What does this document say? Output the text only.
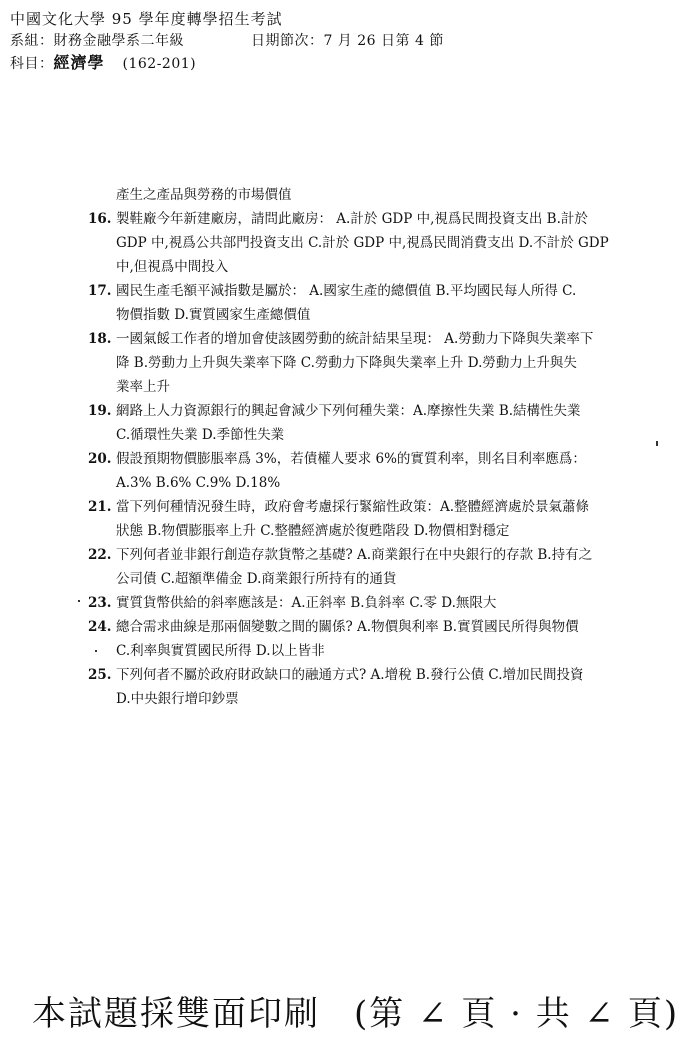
中國文化大學 95 學年度轉學招生考試
系組：財務金融學系二年級	日期節次：7 月 26 日第 4 節
科目：經濟學 (162-201)
產生之產品與勞務的市場價值
16. 製鞋廠今年新建廠房，請問此廠房： A.計於 GDP 中,視爲民間投資支出 B.計於
GDP 中,視爲公共部門投資支出 C.計於 GDP 中,視爲民間消費支出 D.不計於 GDP
中,但視爲中間投入
17. 國民生產毛額平減指數是屬於： A.國家生產的總價值 B.平均國民每人所得 C.
物價指數 D.實質國家生產總價值
18. 一國氣餒工作者的增加會使該國勞動的統計結果呈現： A.勞動力下降與失業率下
降 B.勞動力上升與失業率下降 C.勞動力下降與失業率上升 D.勞動力上升與失
業率上升
19. 網路上人力資源銀行的興起會減少下列何種失業：A.摩擦性失業 B.結構性失業
C.循環性失業 D.季節性失業
20. 假設預期物價膨脹率爲 3%，若債權人要求 6%的實質利率，則名目利率應爲：
A.3% B.6% C.9% D.18%
21. 當下列何種情況發生時，政府會考慮採行緊縮性政策：A.整體經濟處於景氣蕭條
狀態 B.物價膨脹率上升 C.整體經濟處於復甦階段 D.物價相對穩定
22. 下列何者並非銀行創造存款貨幣之基礎? A.商業銀行在中央銀行的存款 B.持有之
公司債 C.超額準備金 D.商業銀行所持有的通貨
23. 實質貨幣供給的斜率應該是：A.正斜率 B.負斜率 C.零 D.無限大
24. 總合需求曲線是那兩個變數之間的關係? A.物價與利率 B.實質國民所得與物價
C.利率與實質國民所得 D.以上皆非
25. 下列何者不屬於政府財政缺口的融通方式? A.增稅 B.發行公債 C.增加民間投資
D.中央銀行增印鈔票
本試題採雙面印刷 (第 ∠ 頁 · 共 ∠ 頁)
